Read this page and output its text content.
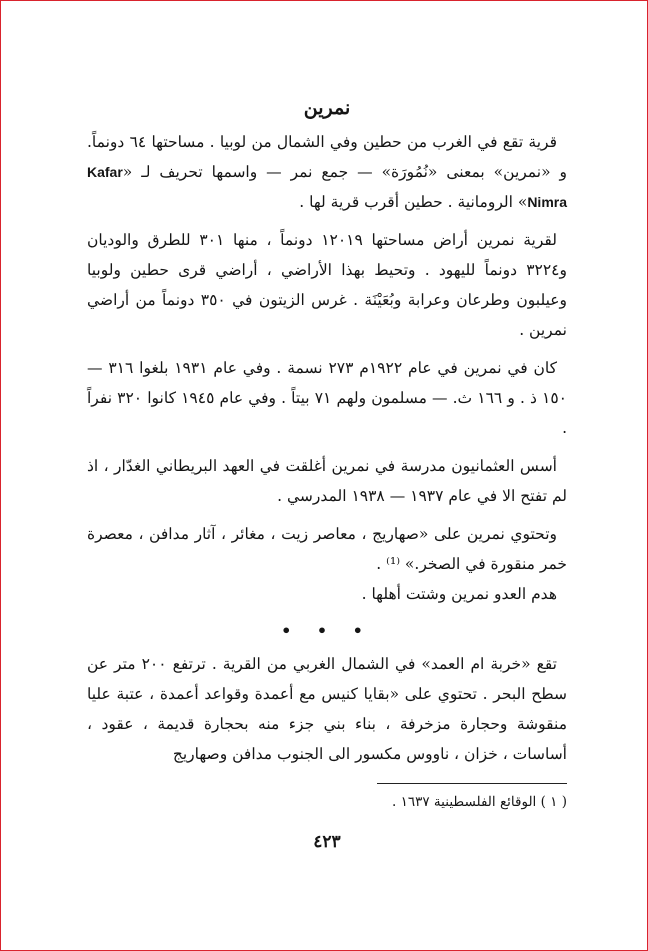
نمرين

قرية تقع في الغرب من حطين وفي الشمال من لوبيا . مساحتها ٦٤ دونماً. و «نمرين» بمعنى «نُمُورَة» — جمع نمر — واسمها تحريف لـ «Kafar Nimra» الرومانية . حطين أقرب قرية لها .

لقرية نمرين أراض مساحتها ١٢٠١٩ دونماً ، منها ٣٠١ للطرق والوديان و٣٢٢٤ دونماً لليهود . وتحيط بهذا الأراضي ، أراضي قرى حطين ولوبيا وعيلبون وطرعان وعرابة وبُعَيْنَة . غرس الزيتون في ٣٥٠ دونماً من أراضي نمرين .

كان في نمرين في عام ١٩٢٢م ٢٧٣ نسمة . وفي عام ١٩٣١ بلغوا ٣١٦ — ١٥٠ ذ . و ١٦٦ ث. — مسلمون ولهم ٧١ بيتاً . وفي عام ١٩٤٥ كانوا ٣٢٠ نفراً .

أسس العثمانيون مدرسة في نمرين أغلقت في العهد البريطاني الغدّار ، اذ لم تفتح الا في عام ١٩٣٧ — ١٩٣٨ المدرسي .

وتحتوي نمرين على «صهاريج ، معاصر زيت ، مغائر ، آثار مدافن ، معصرة خمر منقورة في الصخر.» ⁽¹⁾ .

هدم العدو نمرين وشتت أهلها .

• • •

تقع «خربة ام العمد» في الشمال الغربي من القرية . ترتفع ٢٠٠ متر عن سطح البحر . تحتوي على «بقايا كنيس مع أعمدة وقواعد أعمدة ، عتبة عليا منقوشة وحجارة مزخرفة ، بناء بني جزء منه بحجارة قديمة ، عقود ، أساسات ، خزان ، ناووس مكسور الى الجنوب مدافن وصهاريج

( ١ ) الوقائع الفلسطينية ١٦٣٧ .

٤٢٣
